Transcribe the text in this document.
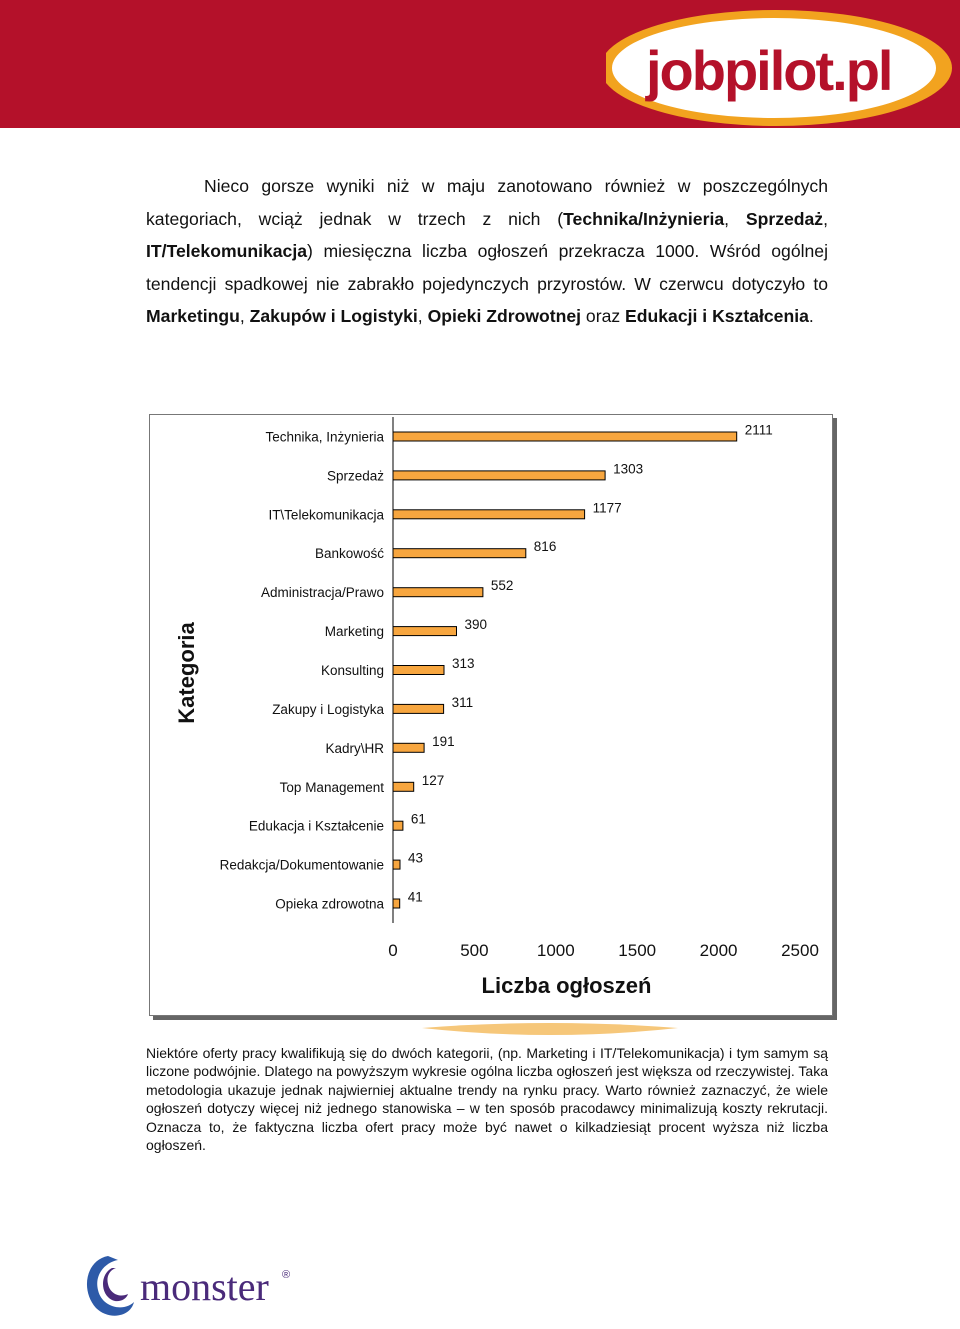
jobpilot.pl

Nieco gorsze wyniki niż w maju zanotowano również w poszczególnych kategoriach, wciąż jednak w trzech z nich (Technika/Inżynieria, Sprzedaż, IT/Telekomunikacja) miesięczna liczba ogłoszeń przekracza 1000. Wśród ogólnej tendencji spadkowej nie zabrakło pojedynczych przyrostów. W czerwcu dotyczyło to Marketingu, Zakupów i Logistyki, Opieki Zdrowotnej oraz Edukacji i Kształcenia.

Technika, Inżynieria	2111
Sprzedaż	1303
IT\Telekomunikacja	1177
Bankowość	816
Administracja/Prawo	552
Marketing	390
Konsulting	313
Zakupy i Logistyka	311
Kadry\HR	191
Top Management	127
Edukacja i Kształcenie 61
Redakcja/Dokumentowanie 43
Opieka zdrowotna 41
0	500	1000	1500	2000	2500
Liczba ogłoszeń
Kategoria

Niektóre oferty pracy kwalifikują się do dwóch kategorii, (np. Marketing i IT/Telekomunikacja) i tym samym są liczone podwójnie. Dlatego na powyższym wykresie ogólna liczba ogłoszeń jest większa od rzeczywistej. Taka metodologia ukazuje jednak najwierniej aktualne trendy na rynku pracy. Warto również zaznaczyć, że wiele ogłoszeń dotyczy więcej niż jednego stanowiska – w ten sposób pracodawcy minimalizują koszty rekrutacji. Oznacza to, że faktyczna liczba ofert pracy może być nawet o kilkadziesiąt procent wyższa niż liczba ogłoszeń.

monster ®
